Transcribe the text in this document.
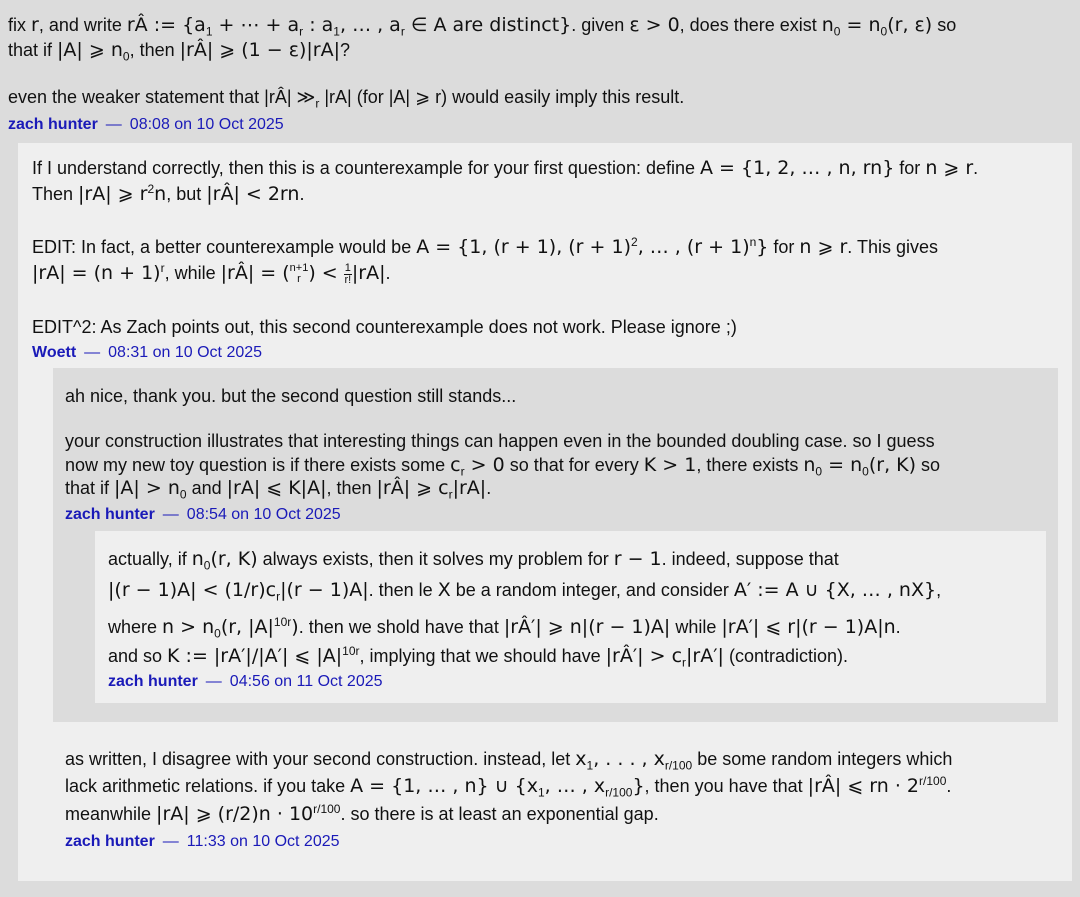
fix r, and write rÂ := {$a_1$ + ⋯ + $a_r$ : $a_1$, … , $a_r$ ∈ A are distinct}. given ε > 0, does there exist $n_0 = n_0(r$, ε) so
that if |A| ⩾ $n_0$, then |rÂ| ⩾ (1 − ε)|rA|?
even the weaker statement that |rÂ| $≫_r$ |rA| (for |A| ⩾ r) would easily imply this result.
zach hunter — 08:08 on 10 Oct 2025
If I understand correctly, then this is a counterexample for your first question: define A = {1, 2, … , n, rn} for n ⩾ r.
Then |rA| ⩾ $r^2n$, but |rÂ| < 2rn.
EDIT: In fact, a better counterexample would be A = {1, (r + 1), $(r + 1)^2$, … , $(r + 1)^n$} for n ⩾ r. This gives
$|rA| = (n + 1)^r$, while |rÂ| = ( n+1
r ) < $\frac{1}{r!} |rA|$.
EDIT^2: As Zach points out, this second counterexample does not work. Please ignore ;)
Woett — 08:31 on 10 Oct 2025
ah nice, thank you. but the second question still stands...
your construction illustrates that interesting things can happen even in the bounded doubling case. so I guess
now my new toy question is if there exists some $c_r > 0$ so that for every K > 1, there exists $n_0 = n_0(r$, K) so
that if $|A| > n_0$ and |rA| ⩽ K|A|, then |rÂ| ⩾ $c_r|rA|$.
zach hunter — 08:54 on 10 Oct 2025
actually, if $n_0(r$, K) always exists, then it solves my problem for r − 1. indeed, suppose that
$|(r - 1)A| < (1/r)c_r|(r - 1)A|$. then le X be a random integer, and consider A′ := A ∪ {X, … , nX},
where $n > n_0(r$, $|A|^{10r}$). then we shold have that |rÂ′| ⩾ n|(r − 1)A| while |rA′| ⩽ r|(r − 1)A|n.
and so K := |rA′|/|A′| ⩽ $|A|^{10r}$, implying that we should have |rÂ′| > $c_r|rA'|$ (contradiction).
zach hunter — 04:56 on 11 Oct 2025
as written, I disagree with your second construction. instead, let $x_1$, . . . , $x_{r/100}$ be some random integers which
lack arithmetic relations. if you take A = {1, … , n} ∪ {$x_1$, … , $x_{r/100}$}, then you have that |rÂ| ⩽ rn · $2^{r/100}$.
meanwhile |rA| ⩾ $(r/2)n \cdot 10^{r/100}$. so there is at least an exponential gap.
zach hunter — 11:33 on 10 Oct 2025
